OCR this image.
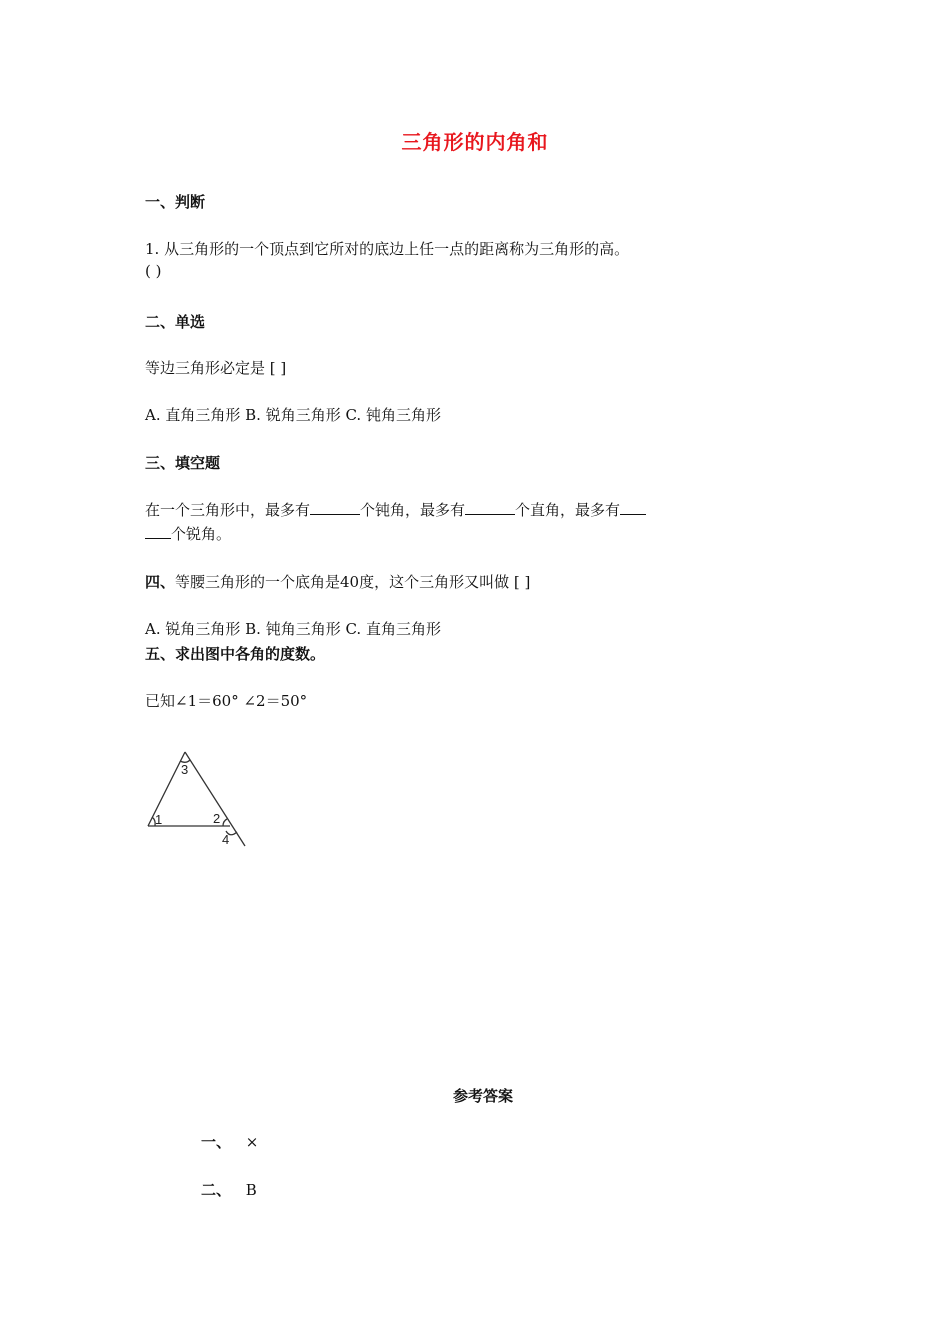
三角形的内角和
一、判断
1. 从三角形的一个顶点到它所对的底边上任一点的距离称为三角形的高。
( )
二、单选
等边三角形必定是 [ ]
A. 直角三角形 B. 锐角三角形 C. 钝角三角形
三、填空题
在一个三角形中，最多有	个钝角，最多有	个直角，最多有
个锐角。
四、等腰三角形的一个底角是40度，这个三角形又叫做 [ ]
A. 锐角三角形 B. 钝角三角形 C. 直角三角形
五、求出图中各角的度数。
已知∠1＝60° ∠2＝50°
3
1	2
4
参考答案
一、 ×
二、 B
